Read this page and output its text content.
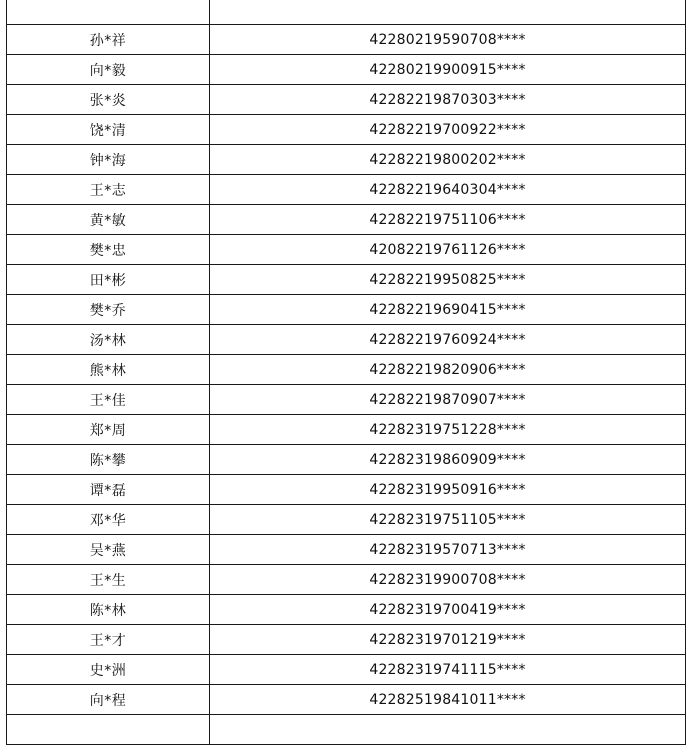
孙*祥	42280219590708****
向*毅	42280219900915****
张*炎	42282219870303****
饶*清	42282219700922****
钟*海	42282219800202****
王*志	42282219640304****
黄*敏	42282219751106****
樊*忠	42082219761126****
田*彬	42282219950825****
樊*乔	42282219690415****
汤*林	42282219760924****
熊*林	42282219820906****
王*佳	42282219870907****
郑*周	42282319751228****
陈*攀	42282319860909****
谭*磊	42282319950916****
邓*华	42282319751105****
吴*燕	42282319570713****
王*生	42282319900708****
陈*林	42282319700419****
王*才	42282319701219****
史*洲	42282319741115****
向*程	42282519841011****
